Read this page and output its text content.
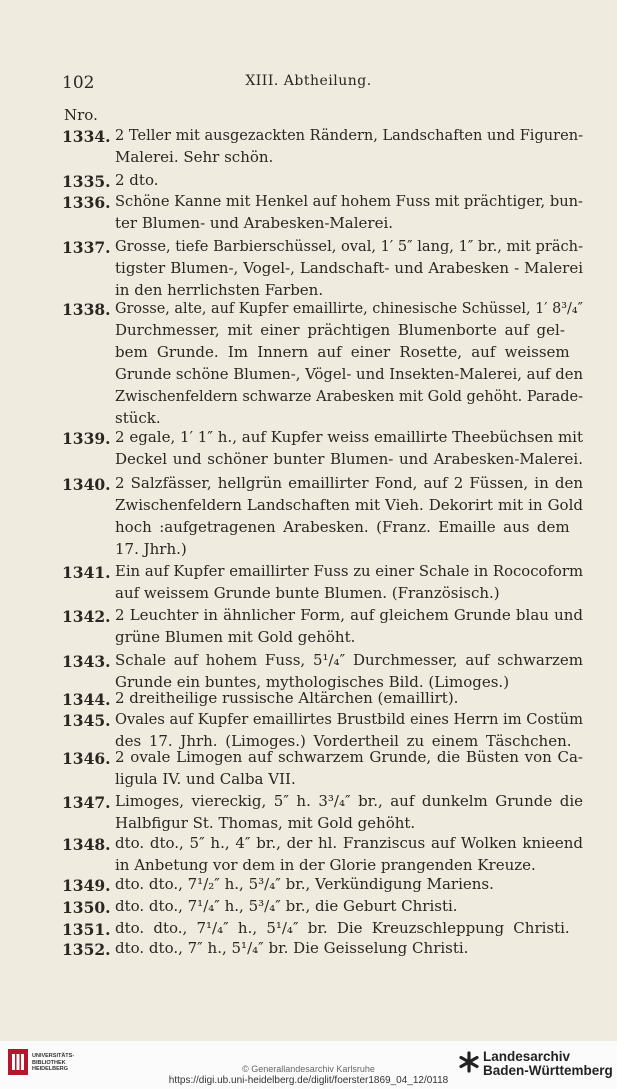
102	XIII. Abtheilung.
Nro.
1334. 2 Teller mit ausgezackten Rändern, Landschaften und Figuren-
Malerei. Sehr schön.
1335. 2 dto.
1336. Schöne Kanne mit Henkel auf hohem Fuss mit prächtiger, bun-
ter Blumen- und Arabesken-Malerei.
1337. Grosse, tiefe Barbierschüssel, oval, 1′ 5″ lang, 1″ br., mit präch-
tigster Blumen-, Vogel-, Landschaft- und Arabesken - Malerei
in den herrlichsten Farben.
1338. Grosse, alte, auf Kupfer emaillirte, chinesische Schüssel, 1′ 8³/₄″
Durchmesser, mit einer prächtigen Blumenborte auf gel-
bem Grunde. Im Innern auf einer Rosette, auf weissem
Grunde schöne Blumen-, Vögel- und Insekten-Malerei, auf den
Zwischenfeldern schwarze Arabesken mit Gold gehöht. Parade-
stück.
1339. 2 egale, 1′ 1″ h., auf Kupfer weiss emaillirte Theebüchsen mit
Deckel und schöner bunter Blumen- und Arabesken-Malerei.
1340. 2 Salzfässer, hellgrün emaillirter Fond, auf 2 Füssen, in den
Zwischenfeldern Landschaften mit Vieh. Dekorirt mit in Gold
hoch :aufgetragenen Arabesken. (Franz. Emaille aus dem
17. Jhrh.)
1341. Ein auf Kupfer emaillirter Fuss zu einer Schale in Rococoform
auf weissem Grunde bunte Blumen. (Französisch.)
1342. 2 Leuchter in ähnlicher Form, auf gleichem Grunde blau und
grüne Blumen mit Gold gehöht.
1343. Schale auf hohem Fuss, 5¹/₄″ Durchmesser, auf schwarzem
Grunde ein buntes, mythologisches Bild. (Limoges.)
1344. 2 dreitheilige russische Altärchen (emaillirt).
1345. Ovales auf Kupfer emaillirtes Brustbild eines Herrn im Costüm
des 17. Jhrh. (Limoges.) Vordertheil zu einem Täschchen.
1346. 2 ovale Limogen auf schwarzem Grunde, die Büsten von Ca-
ligula IV. und Calba VII.
1347. Limoges, viereckig, 5″ h. 3³/₄″ br., auf dunkelm Grunde die
Halbfigur St. Thomas, mit Gold gehöht.
1348. dto. dto., 5″ h., 4″ br., der hl. Franziscus auf Wolken knieend
in Anbetung vor dem in der Glorie prangenden Kreuze.
1349. dto. dto., 7¹/₂″ h., 5³/₄″ br., Verkündigung Mariens.
1350. dto. dto., 7¹/₄″ h., 5³/₄″ br., die Geburt Christi.
1351. dto. dto., 7¹/₄″ h., 5¹/₄″ br. Die Kreuzschleppung Christi.
1352. dto. dto., 7″ h., 5¹/₄″ br. Die Geisselung Christi.
UNIVERSITÄTS-
BIBLIOTHEK
HEIDELBERG	© Generallandesarchiv Karlsruhe
https://digi.ub.uni-heidelberg.de/diglit/foerster1869_04_12/0118
Landesarchiv
Baden-Württemberg
